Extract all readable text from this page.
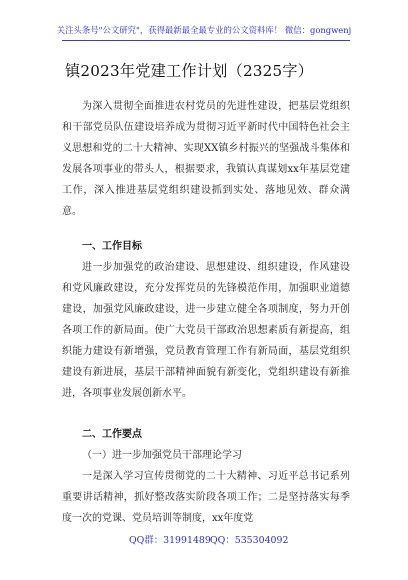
关注头条号"公文研究"，获得最新最全最专业的公文资料库！ 微信：gongwenj
镇2023年党建工作计划（2325字）

为深入贯彻全面推进农村党员的先进性建设，把基层党组织和干部党员队伍建设培养成为贯彻习近平新时代中国特色社会主义思想和党的二十大精神、实现XX镇乡村振兴的坚强战斗集体和发展各项事业的带头人，根据要求，我镇认真谋划xx年基层党建工作，深入推进基层党组织建设抓到实处、落地见效、群众满意。

一、工作目标

进一步加强党的政治建设、思想建设、组织建设，作风建设和党风廉政建设，充分发挥党员的先锋模范作用，加强职业道德建设，加强党风廉政建设，进一步建立健全各项制度，努力开创各项工作的新局面。使广大党员干部政治思想素质有新提高，组织能力建设有新增强，党员教育管理工作有新局面，基层党组织建设有新进展，基层干部精神面貌有新变化，党组织建设有新推进，各项事业发展创新水平。

二、工作要点

（一）进一步加强党员干部理论学习

一是深入学习宣传贯彻党的二十大精神、习近平总书记系列重要讲话精神，抓好整改落实阶段各项工作；二是坚持落实每季度一次的党课、党员培训等制度，xx年度党

QQ群：31991489 QQ：535304092
